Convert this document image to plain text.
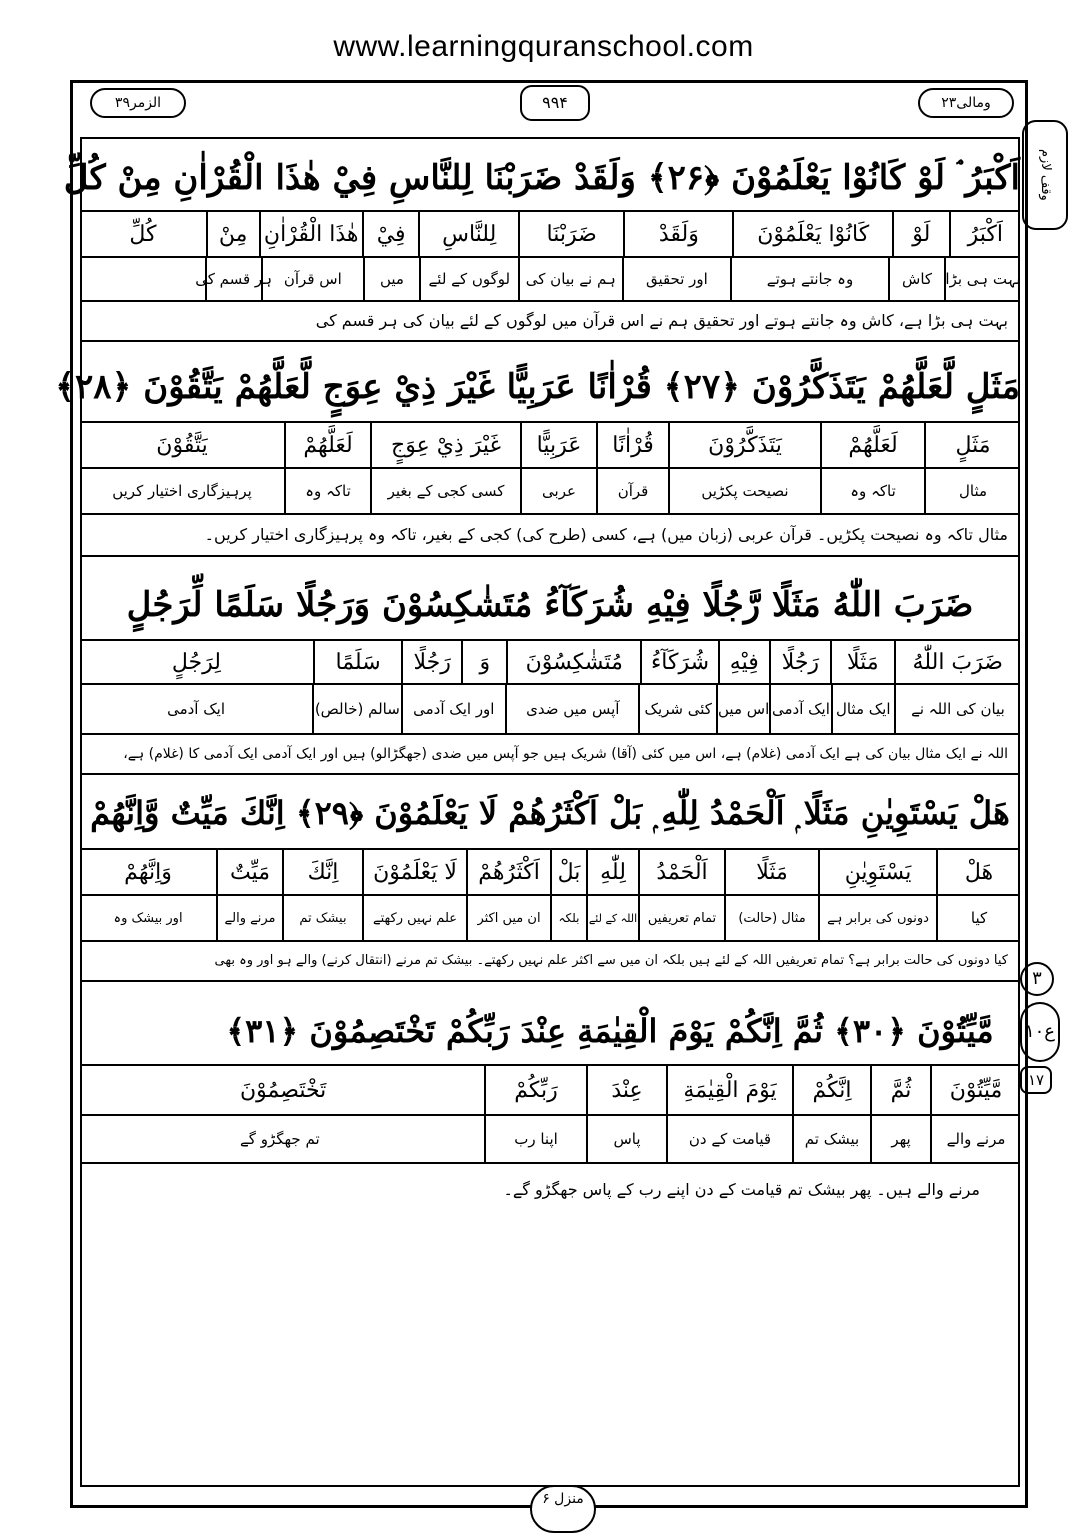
www.learningquranschool.com
الزمر۳۹	۹۹۴	ومالی۲۳
وقف لازم
۳
ع۱۰
۱۷
اَكْبَرُ ۘ لَوْ كَانُوْا يَعْلَمُوْنَ ﴿۲۶﴾ وَلَقَدْ ضَرَبْنَا لِلنَّاسِ فِيْ هٰذَا الْقُرْاٰنِ مِنْ كُلِّ
اَكْبَرُ
لَوْ
كَانُوْا يَعْلَمُوْنَ
وَلَقَدْ
ضَرَبْنَا
لِلنَّاسِ
فِيْ
هٰذَا الْقُرْاٰنِ
مِنْ
كُلِّ
بہت ہی بڑا
کاش
وہ جانتے ہوتے
اور تحقیق
ہم نے بیان کی
لوگوں کے لئے
میں
اس قرآن
ہر قسم کی
بہت ہی بڑا ہے، کاش وہ جانتے ہوتے اور تحقیق ہم نے اس قرآن میں لوگوں کے لئے بیان کی ہر قسم کی
مَثَلٍ لَّعَلَّهُمْ يَتَذَكَّرُوْنَ ﴿۲۷﴾ قُرْاٰنًا عَرَبِيًّا غَيْرَ ذِيْ عِوَجٍ لَّعَلَّهُمْ يَتَّقُوْنَ ﴿۲۸﴾
مَثَلٍ
لَعَلَّهُمْ
يَتَذَكَّرُوْنَ
قُرْاٰنًا
عَرَبِيًّا
غَيْرَ ذِيْ عِوَجٍ
لَعَلَّهُمْ
يَتَّقُوْنَ
مثال
تاکہ وہ
نصیحت پکڑیں
قرآن
عربی
کسی کجی کے بغیر
تاکہ وہ
پرہیزگاری اختیار کریں
مثال تاکہ وہ نصیحت پکڑیں۔ قرآن عربی (زبان میں) ہے، کسی (طرح کی) کجی کے بغیر، تاکہ وہ پرہیزگاری اختیار کریں۔
ضَرَبَ اللّٰهُ مَثَلًا رَّجُلًا فِيْهِ شُرَكَآءُ مُتَشٰكِسُوْنَ وَرَجُلًا سَلَمًا لِّرَجُلٍ
ضَرَبَ اللّٰهُ
مَثَلًا
رَجُلًا
فِيْهِ
شُرَكَآءُ
مُتَشٰكِسُوْنَ
وَ
رَجُلًا
سَلَمًا
لِرَجُلٍ
بیان کی اللہ نے
ایک مثال
ایک آدمی
اس میں
کئی شریک
آپس میں ضدی
اور ایک آدمی
سالم (خالص)
ایک آدمی
اللہ نے ایک مثال بیان کی ہے ایک آدمی (غلام) ہے، اس میں کئی (آقا) شریک ہیں جو آپس میں ضدی (جھگڑالو) ہیں اور ایک آدمی ایک آدمی کا (غلام) ہے،
هَلْ يَسْتَوِيٰنِ مَثَلًا ۭ اَلْحَمْدُ لِلّٰهِ ۭ بَلْ اَكْثَرُهُمْ لَا يَعْلَمُوْنَ ﴿۲۹﴾ اِنَّكَ مَيِّتٌ وَّاِنَّهُمْ
هَلْ
يَسْتَوِيٰنِ
مَثَلًا
اَلْحَمْدُ
لِلّٰهِ
بَلْ
اَكْثَرُهُمْ
لَا يَعْلَمُوْنَ
اِنَّكَ
مَيِّتٌ
وَاِنَّهُمْ
کیا
دونوں کی برابر ہے
مثال (حالت)
تمام تعریفیں
اللہ کے لئے
بلکہ
ان میں اکثر
علم نہیں رکھتے
بیشک تم
مرنے والے
اور بیشک وہ
کیا دونوں کی حالت برابر ہے؟ تمام تعریفیں اللہ کے لئے ہیں بلکہ ان میں سے اکثر علم نہیں رکھتے۔ بیشک تم مرنے (انتقال کرنے) والے ہو اور وہ بھی
مَّيِّتُوْنَ ﴿۳۰﴾ ثُمَّ اِنَّكُمْ يَوْمَ الْقِيٰمَةِ عِنْدَ رَبِّكُمْ تَخْتَصِمُوْنَ ﴿۳۱﴾
مَّيِّتُوْنَ
ثُمَّ
اِنَّكُمْ
يَوْمَ الْقِيٰمَةِ
عِنْدَ
رَبِّكُمْ
تَخْتَصِمُوْنَ
مرنے والے
پھر
بیشک تم
قیامت کے دن
پاس
اپنا رب
تم جھگڑو گے
مرنے والے ہیں۔ پھر بیشک تم قیامت کے دن اپنے رب کے پاس جھگڑو گے۔
منزل ۶
